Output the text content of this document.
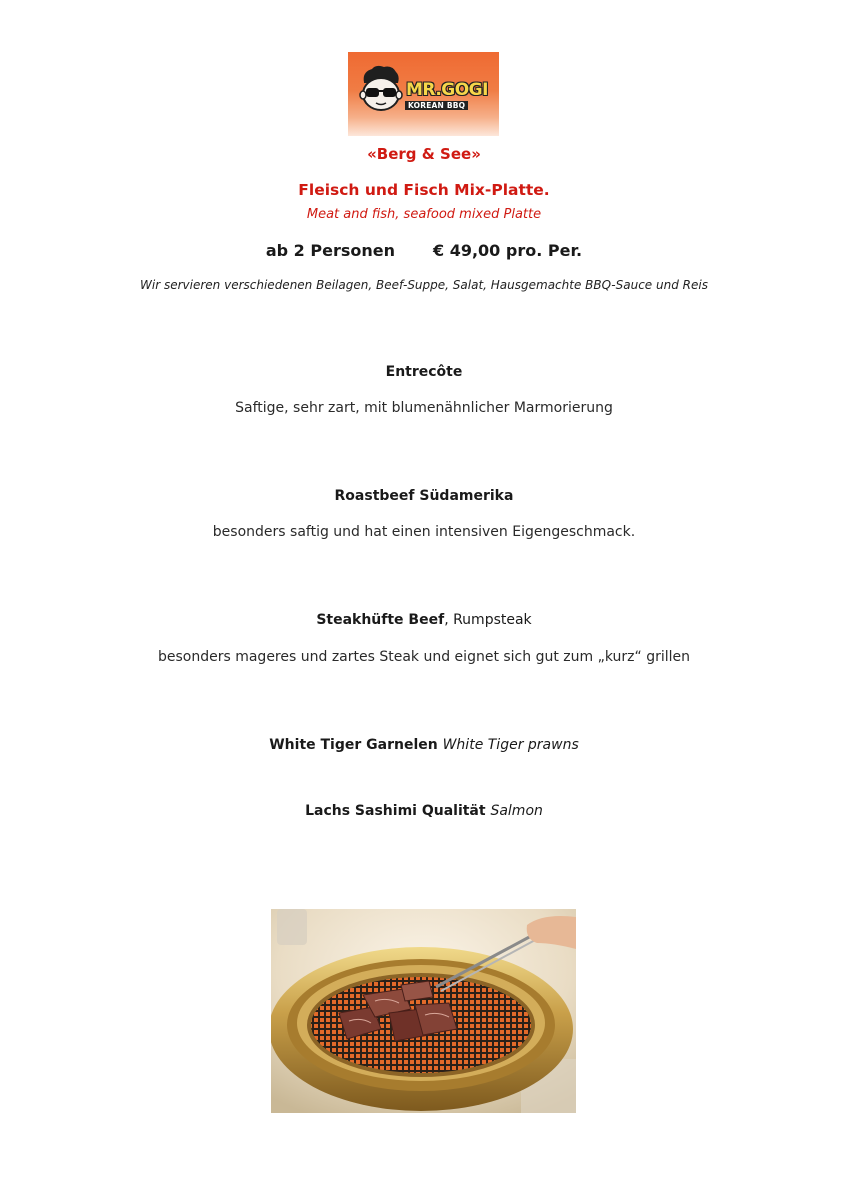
MR.GOGI
KOREAN BBQ
«Berg & See»
Fleisch und Fisch Mix-Platte.
Meat and fish, seafood mixed Platte
ab 2 Personen € 49,00 pro. Per.
Wir servieren verschiedenen Beilagen, Beef-Suppe, Salat, Hausgemachte BBQ-Sauce und Reis
Entrecôte
Saftige, sehr zart, mit blumenähnlicher Marmorierung
Roastbeef Südamerika
besonders saftig und hat einen intensiven Eigengeschmack.
Steakhüfte Beef, Rumpsteak
besonders mageres und zartes Steak und eignet sich gut zum „kurz“ grillen
White Tiger Garnelen White Tiger prawns
Lachs Sashimi Qualität Salmon
